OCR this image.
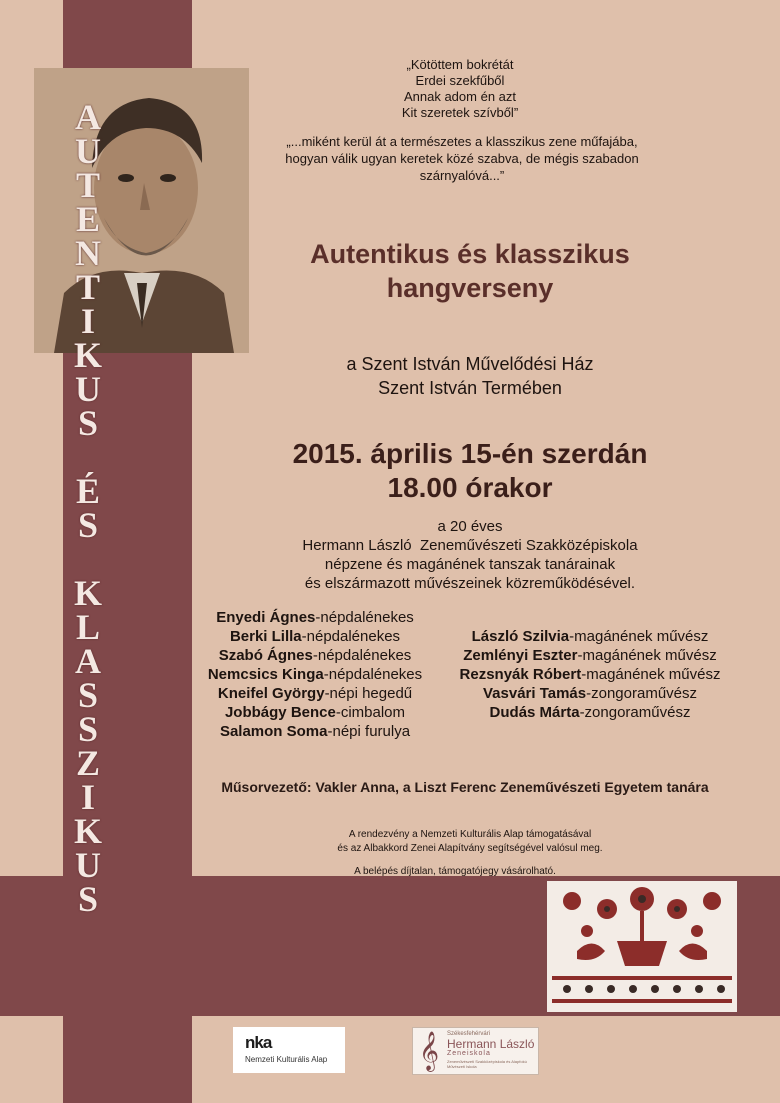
A
U
T
E
N
T
I
K
U
S
É
S
K
L
A
S
S
Z
I
K
U
S
„Kötöttem bokrétát
Erdei szekfűből
Annak adom én azt
Kit szeretek szívből”
„...miként kerül át a természetes a klasszikus zene műfajába,
hogyan válik ugyan keretek közé szabva, de mégis szabadon
szárnyalóvá...”
Autentikus és klasszikus
hangverseny
a Szent István Művelődési Ház
Szent István Termében
2015. április 15-én szerdán
18.00 órakor
a 20 éves
Hermann László  Zeneművészeti Szakközépiskola
népzene és magánének tanszak tanárainak
és elszármazott művészeinek közreműködésével.
Enyedi Ágnes-népdalénekes
Berki Lilla-népdalénekes
Szabó Ágnes-népdalénekes
Nemcsics Kinga-népdalénekes
Kneifel György-népi hegedű
Jobbágy Bence-cimbalom
Salamon Soma-népi furulya
László Szilvia-magánének művész
Zemlényi Eszter-magánének művész
Rezsnyák Róbert-magánének művész
Vasvári Tamás-zongoraművész
Dudás Márta-zongoraművész
Műsorvezető: Vakler Anna, a Liszt Ferenc Zeneművészeti Egyetem tanára
A rendezvény a Nemzeti Kulturális Alap támogatásával
és az Albakkord Zenei Alapítvány segítségével valósul meg.
A belépés díjtalan, támogatójegy vásárolható.
nka
Nemzeti Kulturális Alap	𝄞 Székesfehérvári
Hermann László
Zeneiskola
Zeneművészeti Szakközépiskola és Alapfokú Művészeti Iskola
